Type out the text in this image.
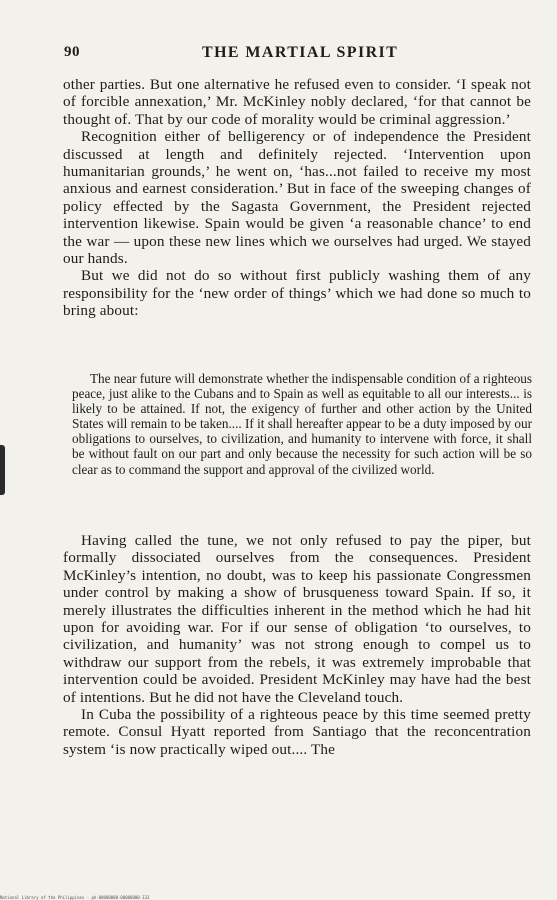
90	THE MARTIAL SPIRIT

other parties. But one alternative he refused even to consider. ‘I speak not of forcible annexation,’ Mr. McKinley nobly declared, ‘for that cannot be thought of. That by our code of morality would be criminal aggression.’

Recognition either of belligerency or of independence the President discussed at length and definitely rejected. ‘Intervention upon humanitarian grounds,’ he went on, ‘has...not failed to receive my most anxious and earnest consideration.’ But in face of the sweeping changes of policy effected by the Sagasta Government, the President rejected intervention likewise. Spain would be given ‘a reasonable chance’ to end the war — upon these new lines which we ourselves had urged. We stayed our hands.

But we did not do so without first publicly washing them of any responsibility for the ‘new order of things’ which we had done so much to bring about:

The near future will demonstrate whether the indispensable condition of a righteous peace, just alike to the Cubans and to Spain as well as equitable to all our interests... is likely to be attained. If not, the exigency of further and other action by the United States will remain to be taken.... If it shall hereafter appear to be a duty imposed by our obligations to ourselves, to civilization, and humanity to intervene with force, it shall be without fault on our part and only because the necessity for such action will be so clear as to command the support and approval of the civilized world.

Having called the tune, we not only refused to pay the piper, but formally dissociated ourselves from the consequences. President McKinley’s intention, no doubt, was to keep his passionate Congressmen under control by making a show of brusqueness toward Spain. If so, it merely illustrates the difficulties inherent in the method which he had hit upon for avoiding war. For if our sense of obligation ‘to ourselves, to civilization, and humanity’ was not strong enough to compel us to withdraw our support from the rebels, it was extremely improbable that intervention could be avoided. President McKinley may have had the best of intentions. But he did not have the Cleveland touch.

In Cuba the possibility of a righteous peace by this time seemed pretty remote. Consul Hyatt reported from Santiago that the reconcentration system ‘is now practically wiped out.... The

National Library of the Philippines · ph-00000000-00000000-133
